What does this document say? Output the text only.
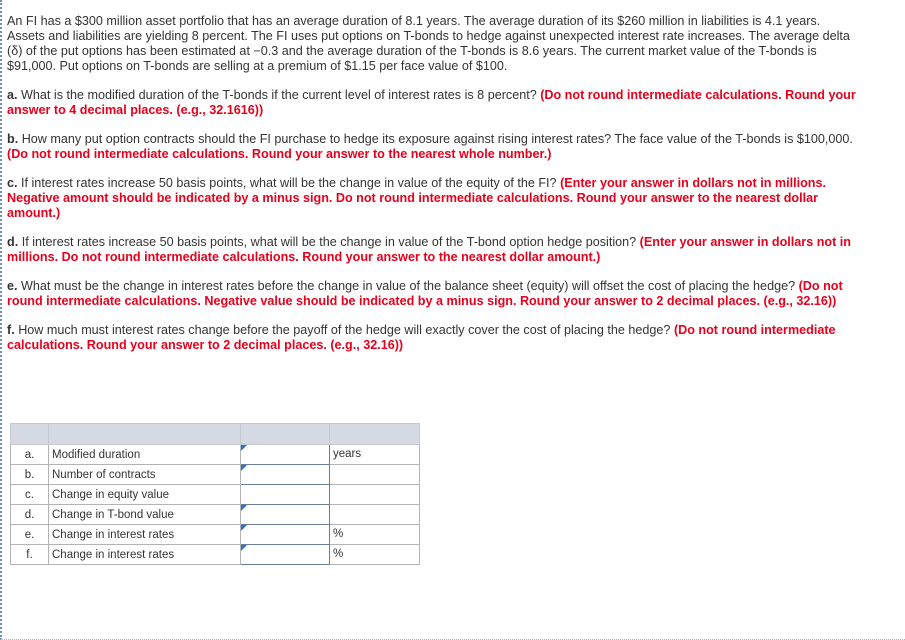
An FI has a $300 million asset portfolio that has an average duration of 8.1 years. The average duration of its $260 million in liabilities is 4.1 years. Assets and liabilities are yielding 8 percent. The FI uses put options on T-bonds to hedge against unexpected interest rate increases. The average delta (δ) of the put options has been estimated at −0.3 and the average duration of the T-bonds is 8.6 years. The current market value of the T-bonds is $91,000. Put options on T-bonds are selling at a premium of $1.15 per face value of $100.

a. What is the modified duration of the T-bonds if the current level of interest rates is 8 percent? (Do not round intermediate calculations. Round your answer to 4 decimal places. (e.g., 32.1616))

b. How many put option contracts should the FI purchase to hedge its exposure against rising interest rates? The face value of the T-bonds is $100,000. (Do not round intermediate calculations. Round your answer to the nearest whole number.)

c. If interest rates increase 50 basis points, what will be the change in value of the equity of the FI? (Enter your answer in dollars not in millions. Negative amount should be indicated by a minus sign. Do not round intermediate calculations. Round your answer to the nearest dollar amount.)

d. If interest rates increase 50 basis points, what will be the change in value of the T-bond option hedge position? (Enter your answer in dollars not in millions. Do not round intermediate calculations. Round your answer to the nearest dollar amount.)

e. What must be the change in interest rates before the change in value of the balance sheet (equity) will offset the cost of placing the hedge? (Do not round intermediate calculations. Negative value should be indicated by a minus sign. Round your answer to 2 decimal places. (e.g., 32.16))

f. How much must interest rates change before the payoff of the hedge will exactly cover the cost of placing the hedge? (Do not round intermediate calculations. Round your answer to 2 decimal places. (e.g., 32.16))

a.	Modified duration		years
b.	Number of contracts	

c.	Change in equity value		
d.	Change in T-bond value	

e.	Change in interest rates		%
f.	Change in interest rates		%
